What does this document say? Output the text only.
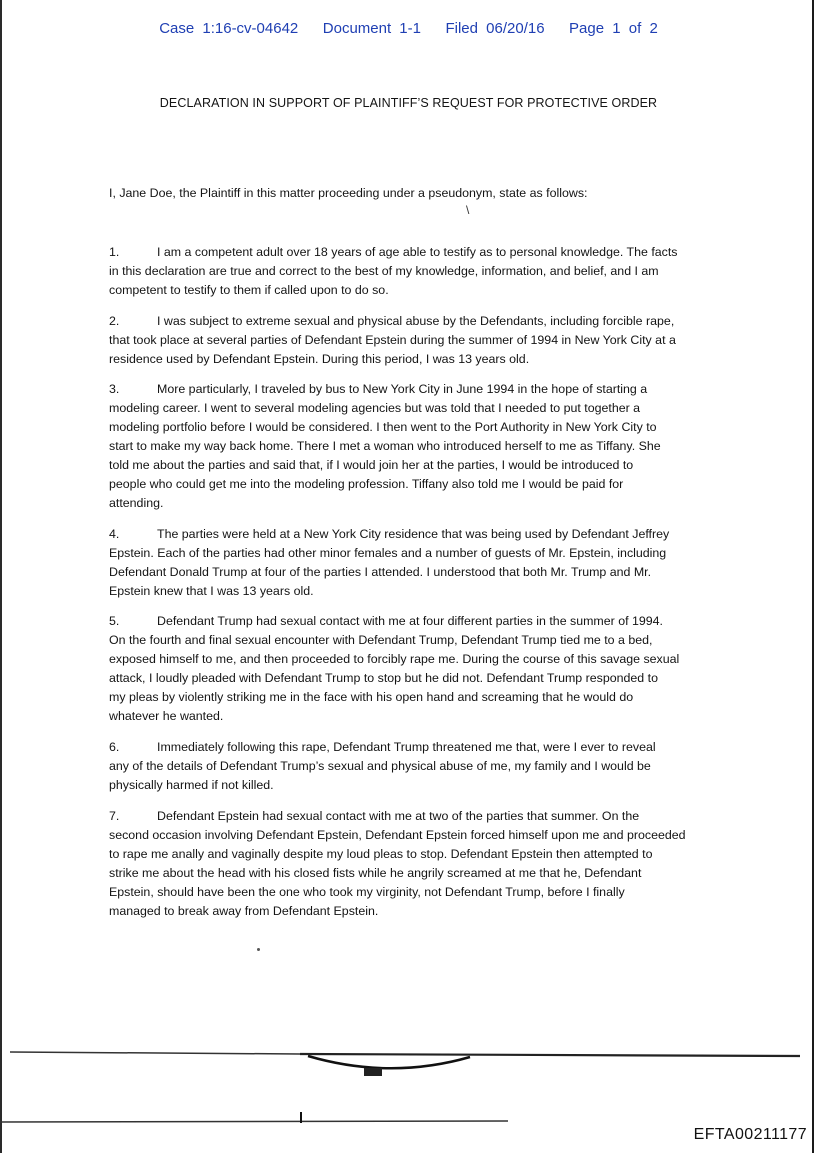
Case 1:16-cv-04642   Document 1-1   Filed 06/20/16   Page 1 of 2
DECLARATION IN SUPPORT OF PLAINTIFF’S REQUEST FOR PROTECTIVE ORDER
I, Jane Doe, the Plaintiff in this matter proceeding under a pseudonym, state as follows:
\

1.	I am a competent adult over 18 years of age able to testify as to personal knowledge. The facts

in this declaration are true and correct to the best of my knowledge, information, and belief, and I am

competent to testify to them if called upon to do so.

2.	I was subject to extreme sexual and physical abuse by the Defendants, including forcible rape,

that took place at several parties of Defendant Epstein during the summer of 1994 in New York City at a

residence used by Defendant Epstein. During this period, I was 13 years old.

3.	More particularly, I traveled by bus to New York City in June 1994 in the hope of starting a

modeling career. I went to several modeling agencies but was told that I needed to put together a

modeling portfolio before I would be considered. I then went to the Port Authority in New York City to

start to make my way back home. There I met a woman who introduced herself to me as Tiffany. She

told me about the parties and said that, if I would join her at the parties, I would be introduced to

people who could get me into the modeling profession. Tiffany also told me I would be paid for

attending.

4.	The parties were held at a New York City residence that was being used by Defendant Jeffrey

Epstein. Each of the parties had other minor females and a number of guests of Mr. Epstein, including

Defendant Donald Trump at four of the parties I attended. I understood that both Mr. Trump and Mr.

Epstein knew that I was 13 years old.

5.	Defendant Trump had sexual contact with me at four different parties in the summer of 1994.

On the fourth and final sexual encounter with Defendant Trump, Defendant Trump tied me to a bed,

exposed himself to me, and then proceeded to forcibly rape me. During the course of this savage sexual

attack, I loudly pleaded with Defendant Trump to stop but he did not. Defendant Trump responded to

my pleas by violently striking me in the face with his open hand and screaming that he would do

whatever he wanted.

6.	Immediately following this rape, Defendant Trump threatened me that, were I ever to reveal

any of the details of Defendant Trump’s sexual and physical abuse of me, my family and I would be

physically harmed if not killed.

7.	Defendant Epstein had sexual contact with me at two of the parties that summer. On the

second occasion involving Defendant Epstein, Defendant Epstein forced himself upon me and proceeded

to rape me anally and vaginally despite my loud pleas to stop. Defendant Epstein then attempted to

strike me about the head with his closed fists while he angrily screamed at me that he, Defendant

Epstein, should have been the one who took my virginity, not Defendant Trump, before I finally

managed to break away from Defendant Epstein.

EFTA00211177
